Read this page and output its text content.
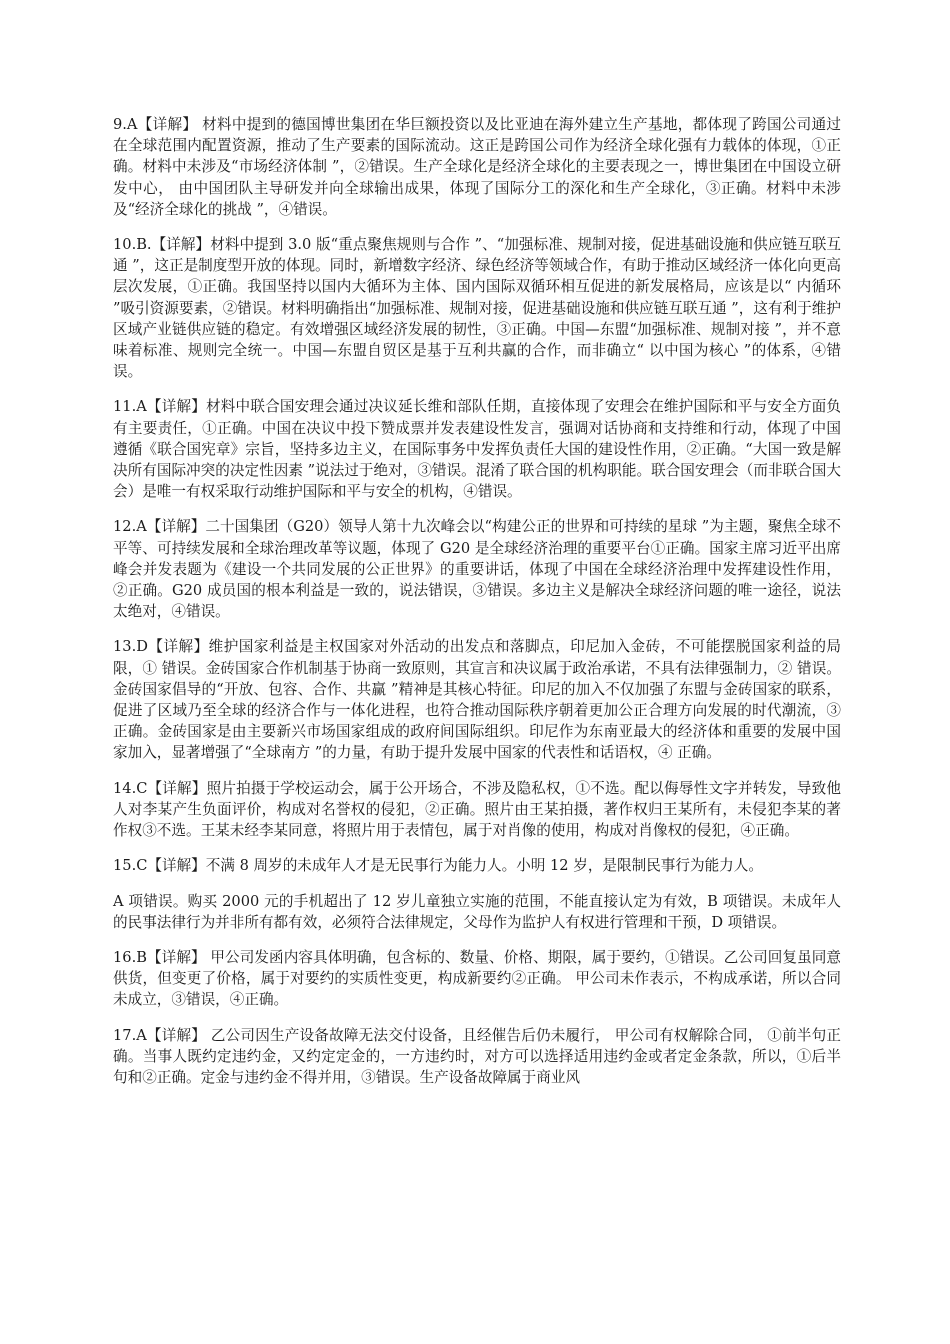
9.A【详解】 材料中提到的德国博世集团在华巨额投资以及比亚迪在海外建立生产基地，都体现了跨国公司通过在全球范围内配置资源，推动了生产要素的国际流动。这正是跨国公司作为经济全球化强有力载体的体现，①正确。材料中未涉及“市场经济体制 ”，②错误。生产全球化是经济全球化的主要表现之一，博世集团在中国设立研发中心， 由中国团队主导研发并向全球输出成果，体现了国际分工的深化和生产全球化，③正确。材料中未涉及“经济全球化的挑战 ”，④错误。

10.B.【详解】材料中提到 3.0 版“重点聚焦规则与合作 ”、“加强标准、规制对接，促进基础设施和供应链互联互通 ”，这正是制度型开放的体现。同时，新增数字经济、绿色经济等领域合作，有助于推动区域经济一体化向更高层次发展，①正确。我国坚持以国内大循环为主体、国内国际双循环相互促进的新发展格局，应该是以“ 内循环 ”吸引资源要素，②错误。材料明确指出“加强标准、规制对接，促进基础设施和供应链互联互通 ”，这有利于维护区域产业链供应链的稳定。有效增强区域经济发展的韧性，③正确。中国—东盟“加强标准、规制对接 ”，并不意味着标准、规则完全统一。中国—东盟自贸区是基于互利共赢的合作，而非确立“ 以中国为核心 ”的体系，④错误。

11.A【详解】材料中联合国安理会通过决议延长维和部队任期，直接体现了安理会在维护国际和平与安全方面负有主要责任，①正确。中国在决议中投下赞成票并发表建设性发言，强调对话协商和支持维和行动，体现了中国遵循《联合国宪章》宗旨，坚持多边主义，在国际事务中发挥负责任大国的建设性作用，②正确。“大国一致是解决所有国际冲突的决定性因素 ”说法过于绝对，③错误。混淆了联合国的机构职能。联合国安理会（而非联合国大会）是唯一有权采取行动维护国际和平与安全的机构，④错误。

12.A【详解】二十国集团（G20）领导人第十九次峰会以“构建公正的世界和可持续的星球 ”为主题，聚焦全球不平等、可持续发展和全球治理改革等议题，体现了 G20 是全球经济治理的重要平台①正确。国家主席习近平出席峰会并发表题为《建设一个共同发展的公正世界》的重要讲话，体现了中国在全球经济治理中发挥建设性作用，②正确。G20 成员国的根本利益是一致的，说法错误，③错误。多边主义是解决全球经济问题的唯一途径，说法太绝对，④错误。

13.D【详解】维护国家利益是主权国家对外活动的出发点和落脚点，印尼加入金砖，不可能摆脱国家利益的局限，① 错误。金砖国家合作机制基于协商一致原则，其宣言和决议属于政治承诺，不具有法律强制力，② 错误。金砖国家倡导的“开放、包容、合作、共赢 ”精神是其核心特征。印尼的加入不仅加强了东盟与金砖国家的联系，促进了区域乃至全球的经济合作与一体化进程，也符合推动国际秩序朝着更加公正合理方向发展的时代潮流，③ 正确。金砖国家是由主要新兴市场国家组成的政府间国际组织。印尼作为东南亚最大的经济体和重要的发展中国家加入，显著增强了“全球南方 ”的力量，有助于提升发展中国家的代表性和话语权，④ 正确。

14.C【详解】照片拍摄于学校运动会，属于公开场合，不涉及隐私权，①不选。配以侮辱性文字并转发，导致他人对李某产生负面评价，构成对名誉权的侵犯，②正确。照片由王某拍摄，著作权归王某所有，未侵犯李某的著作权③不选。王某未经李某同意，将照片用于表情包，属于对肖像的使用，构成对肖像权的侵犯，④正确。

15.C【详解】不满 8 周岁的未成年人才是无民事行为能力人。小明 12 岁，是限制民事行为能力人。

A 项错误。购买 2000 元的手机超出了 12 岁儿童独立实施的范围，不能直接认定为有效，B 项错误。未成年人的民事法律行为并非所有都有效，必须符合法律规定，父母作为监护人有权进行管理和干预，D 项错误。

16.B【详解】 甲公司发函内容具体明确，包含标的、数量、价格、期限，属于要约，①错误。乙公司回复虽同意供货，但变更了价格，属于对要约的实质性变更，构成新要约②正确。 甲公司未作表示，不构成承诺，所以合同未成立，③错误，④正确。

17.A【详解】 乙公司因生产设备故障无法交付设备，且经催告后仍未履行， 甲公司有权解除合同， ①前半句正确。当事人既约定违约金，又约定定金的，一方违约时，对方可以选择适用违约金或者定金条款，所以，①后半句和②正确。定金与违约金不得并用，③错误。生产设备故障属于商业风
